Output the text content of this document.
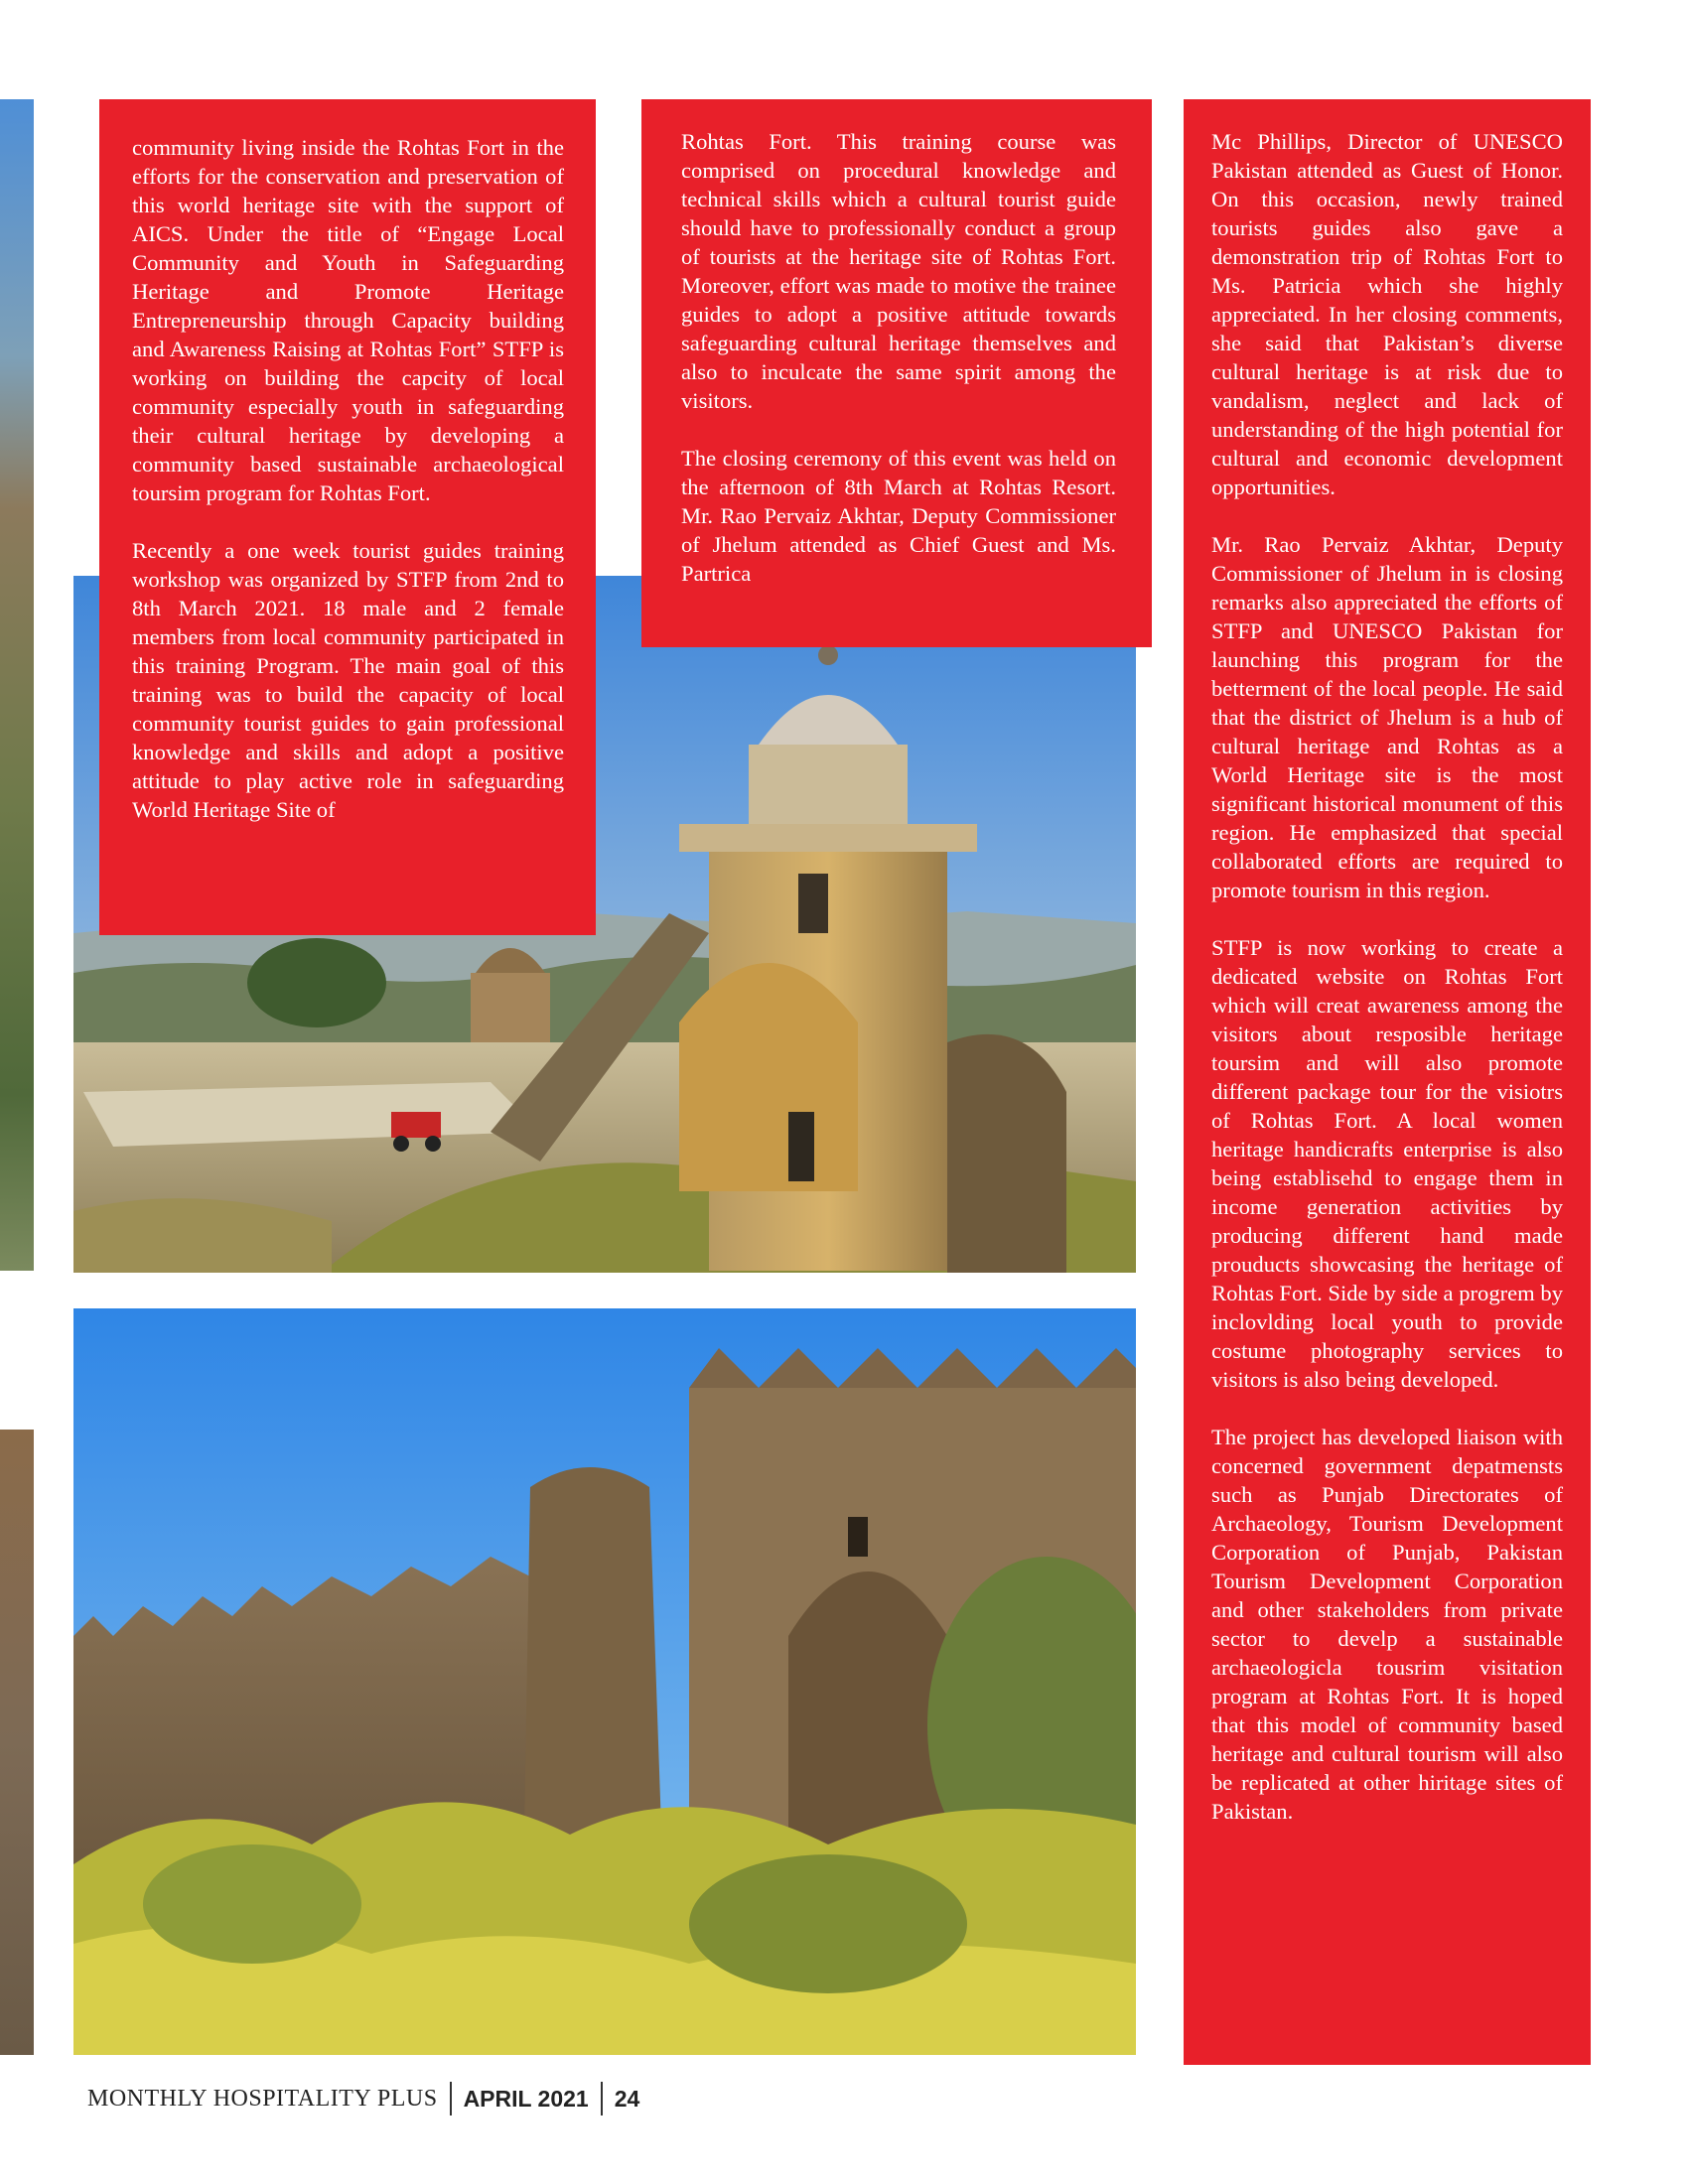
community living inside the Rohtas Fort in the efforts for the conservation and preservation of this world heritage site with the support of AICS. Under the title of “Engage Local Community and Youth in Safeguarding Heritage and Promote Heritage Entrepreneurship through Capacity building and Awareness Raising at Rohtas Fort” STFP is working on building the capcity of local community especially youth in safeguarding their cultural heritage by developing a community based sustainable archaeological toursim program for Rohtas Fort.

Recently a one week tourist guides training workshop was organized by STFP from 2nd to 8th March 2021. 18 male and 2 female members from local community participated in this training Program. The main goal of this training was to build the capacity of local community tourist guides to gain professional knowledge and skills and adopt a positive attitude to play active role in safeguarding World Heritage Site of

Rohtas Fort. This training course was comprised on procedural knowledge and technical skills which a cultural tourist guide should have to professionally conduct a group of tourists at the heritage site of Rohtas Fort. Moreover, effort was made to motive the trainee guides to adopt a positive attitude towards safeguarding cultural heritage themselves and also to inculcate the same spirit among the visitors.

The closing ceremony of this event was held on the afternoon of 8th March at Rohtas Resort. Mr. Rao Pervaiz Akhtar, Deputy Commissioner of Jhelum attended as Chief Guest and Ms. Partrica

Mc Phillips, Director of UNESCO Pakistan attended as Guest of Honor. On this occasion, newly trained tourists guides also gave a demonstration trip of Rohtas Fort to Ms. Patricia which she highly appreciated. In her closing comments, she said that Pakistan’s diverse cultural heritage is at risk due to vandalism, neglect and lack of understanding of the high potential for cultural and economic development opportunities.

Mr. Rao Pervaiz Akhtar, Deputy Commissioner of Jhelum in is closing remarks also appreciated the efforts of STFP and UNESCO Pakistan for launching this program for the betterment of the local people. He said that the district of Jhelum is a hub of cultural heritage and Rohtas as a World Heritage site is the most significant historical monument of this region. He emphasized that special collaborated efforts are required to promote tourism in this region.

STFP is now working to create a dedicated website on Rohtas Fort which will creat awareness among the visitors about resposible heritage toursim and will also promote different package tour for the visiotrs of Rohtas Fort. A local women heritage handicrafts enterprise is also being establisehd to engage them in income generation activities by producing different hand made prouducts showcasing the heritage of Rohtas Fort. Side by side a progrem by inclovlding local youth to provide costume photography services to visitors is also being developed.

The project has developed liaison with concerned government depatmensts such as Punjab Directorates of Archaeology, Tourism Development Corporation of Punjab, Pakistan Tourism Development Corporation and other stakeholders from private sector to develp a sustainable archaeologicla tousrim visitation program at Rohtas Fort. It is hoped that this model of community based heritage and cultural tourism will also be replicated at other hiritage sites of Pakistan.

MONTHLY HOSPITALITY PLUS APRIL 2021 24
